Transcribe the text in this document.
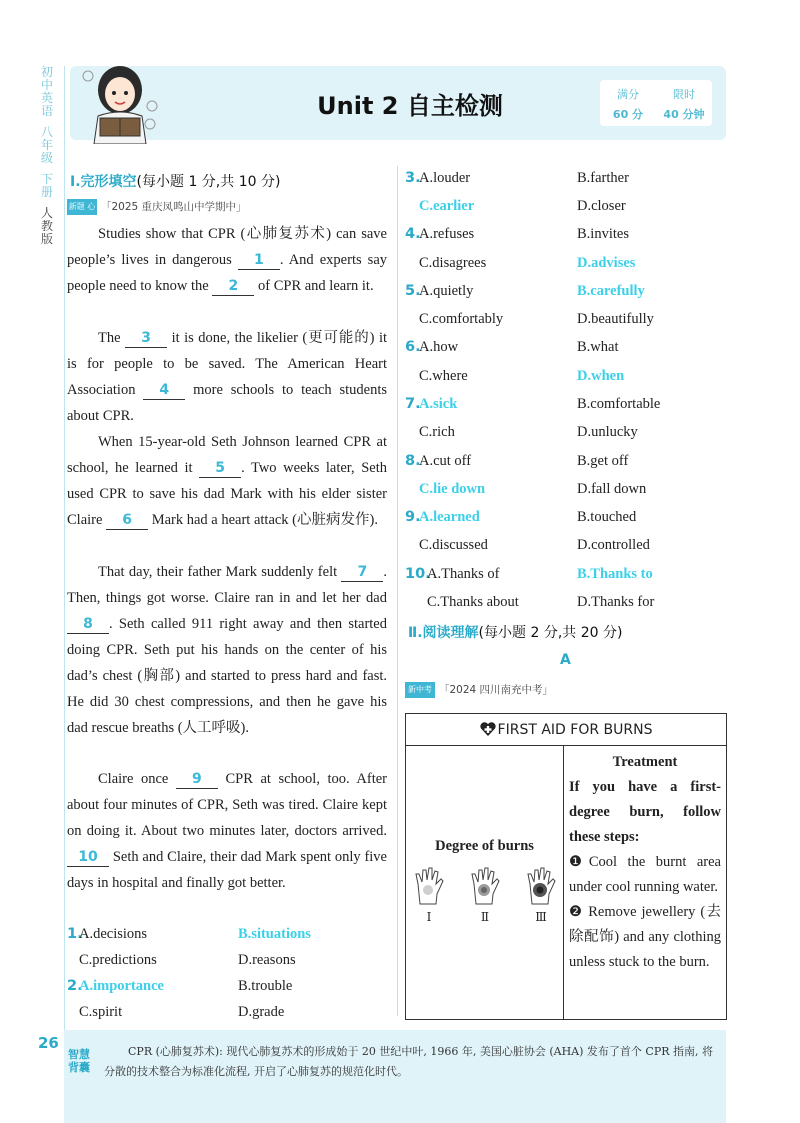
初
中
英
语
八
年
级
下
册
人
教
版
Unit 2 自主检测	满分	限时
60 分	40 分钟
Ⅰ.完形填空(每小题 1 分,共 10 分)
新题 心肺复苏「2025 重庆凤鸣山中学期中」
Studies show that CPR (心肺复苏术) can save people’s lives in dangerous 1 . And experts say people need to know the 2 of CPR and learn it.
The 3 it is done, the likelier (更可能的) it is for people to be saved. The American Heart Association 4 more schools to teach students about CPR.
When 15-year-old Seth Johnson learned CPR at school, he learned it 5 . Two weeks later, Seth used CPR to save his dad Mark with his elder sister Claire 6 Mark had a heart attack (心脏病发作).
That day, their father Mark suddenly felt 7 . Then, things got worse. Claire ran in and let her dad 8 . Seth called 911 right away and then started doing CPR. Seth put his hands on the center of his dad’s chest (胸部) and started to press hard and fast. He did 30 chest compressions, and then he gave his dad rescue breaths (人工呼吸).
Claire once 9 CPR at school, too. After about four minutes of CPR, Seth was tired. Claire kept on doing it. About two minutes later, doctors arrived. 10 Seth and Claire, their dad Mark spent only five days in hospital and finally got better.
1.
A.decisions	B.situations
C.predictions	D.reasons
2.
A.importance	B.trouble
C.spirit	D.grade
3.
A.louder	B.farther
C.earlier	D.closer
4.
A.refuses	B.invites
C.disagrees	D.advises
5.
A.quietly	B.carefully
C.comfortably	D.beautifully
6.
A.how	B.what
C.where	D.when
7.
A.sick	B.comfortable
C.rich	D.unlucky
8.
A.cut off	B.get off
C.lie down	D.fall down
9.
A.learned	B.touched
C.discussed	D.controlled
10.
A.Thanks of	B.Thanks to
C.Thanks about	D.Thanks for
Ⅱ.阅读理解(每小题 2 分,共 20 分)
A
新中考 科普指南「2024 四川南充中考」
FIRST AID FOR BURNS
Degree of burns
Ⅰ	Ⅱ	Ⅲ
Treatment
If you have a first-degree burn, follow these steps:
❶Cool the burnt area under cool running water.
❷ Remove jewellery (去除配饰) and any clothing unless stuck to the burn.
26
智慧背囊
CPR (心肺复苏术): 现代心肺复苏术的形成始于 20 世纪中叶, 1966 年, 美国心脏协会 (AHA) 发布了首个 CPR 指南, 将分散的技术整合为标准化流程, 开启了心肺复苏的规范化时代。
